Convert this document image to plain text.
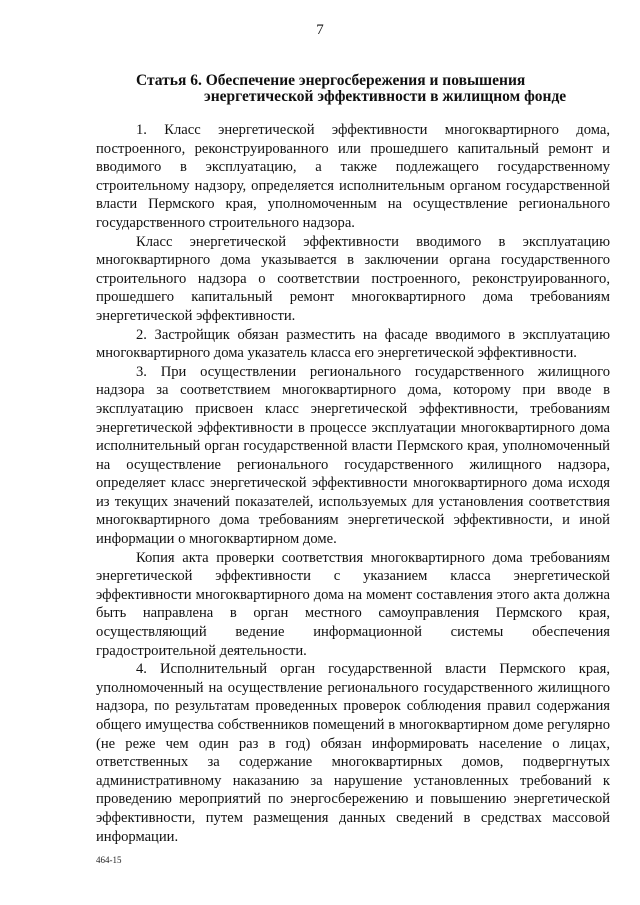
7
Статья 6. Обеспечение энергосбережения и повышения
энергетической эффективности в жилищном фонде

1. Класс энергетической эффективности многоквартирного дома, построенного, реконструированного или прошедшего капитальный ремонт и вводимого в эксплуатацию, а также подлежащего государственному строительному надзору, определяется исполнительным органом государственной власти Пермского края, уполномоченным на осуществление регионального государственного строительного надзора.

Класс энергетической эффективности вводимого в эксплуатацию многоквартирного дома указывается в заключении органа государственного строительного надзора о соответствии построенного, реконструированного, прошедшего капитальный ремонт многоквартирного дома требованиям энергетической эффективности.

2. Застройщик обязан разместить на фасаде вводимого в эксплуатацию многоквартирного дома указатель класса его энергетической эффективности.

3. При осуществлении регионального государственного жилищного надзора за соответствием многоквартирного дома, которому при вводе в эксплуатацию присвоен класс энергетической эффективности, требованиям энергетической эффективности в процессе эксплуатации многоквартирного дома исполнительный орган государственной власти Пермского края, уполномоченный на осуществление регионального государственного жилищного надзора, определяет класс энергетической эффективности многоквартирного дома исходя из текущих значений показателей, используемых для установления соответствия многоквартирного дома требованиям энергетической эффективности, и иной информации о многоквартирном доме.

Копия акта проверки соответствия многоквартирного дома требованиям энергетической эффективности с указанием класса энергетической эффективности многоквартирного дома на момент составления этого акта должна быть направлена в орган местного самоуправления Пермского края, осуществляющий ведение информационной системы обеспечения градостроительной деятельности.

4. Исполнительный орган государственной власти Пермского края, уполномоченный на осуществление регионального государственного жилищного надзора, по результатам проведенных проверок соблюдения правил содержания общего имущества собственников помещений в многоквартирном доме регулярно (не реже чем один раз в год) обязан информировать население о лицах, ответственных за содержание многоквартирных домов, подвергнутых административному наказанию за нарушение установленных требований к проведению мероприятий по энергосбережению и повышению энергетической эффективности, путем размещения данных сведений в средствах массовой информации.

464-15
